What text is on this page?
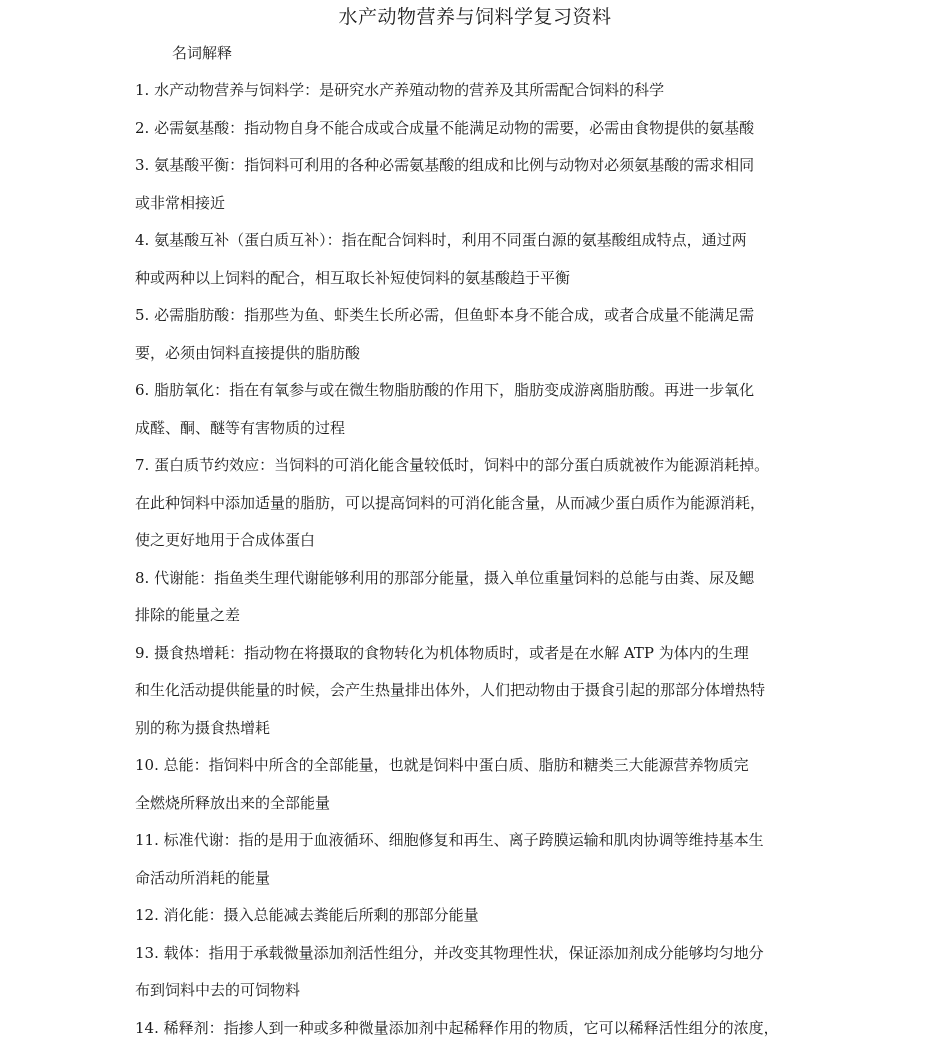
水产动物营养与饲料学复习资料
名词解释
1. 水产动物营养与饲料学：是研究水产养殖动物的营养及其所需配合饲料的科学
2. 必需氨基酸：指动物自身不能合成或合成量不能满足动物的需要，必需由食物提供的氨基酸
3. 氨基酸平衡：指饲料可利用的各种必需氨基酸的组成和比例与动物对必须氨基酸的需求相同
或非常相接近
4. 氨基酸互补（蛋白质互补）：指在配合饲料时，利用不同蛋白源的氨基酸组成特点，通过两
种或两种以上饲料的配合，相互取长补短使饲料的氨基酸趋于平衡
5. 必需脂肪酸：指那些为鱼、虾类生长所必需，但鱼虾本身不能合成，或者合成量不能满足需
要，必须由饲料直接提供的脂肪酸
6. 脂肪氧化：指在有氧参与或在微生物脂肪酸的作用下，脂肪变成游离脂肪酸。再进一步氧化
成醛、酮、醚等有害物质的过程
7. 蛋白质节约效应：当饲料的可消化能含量较低时，饲料中的部分蛋白质就被作为能源消耗掉。
在此种饲料中添加适量的脂肪，可以提高饲料的可消化能含量，从而减少蛋白质作为能源消耗，
使之更好地用于合成体蛋白
8. 代谢能：指鱼类生理代谢能够利用的那部分能量，摄入单位重量饲料的总能与由粪、尿及鳃
排除的能量之差
9. 摄食热增耗：指动物在将摄取的食物转化为机体物质时，或者是在水解 ATP 为体内的生理
和生化活动提供能量的时候，会产生热量排出体外，人们把动物由于摄食引起的那部分体增热特
别的称为摄食热增耗
10. 总能：指饲料中所含的全部能量，也就是饲料中蛋白质、脂肪和糖类三大能源营养物质完
全燃烧所释放出来的全部能量
11. 标准代谢：指的是用于血液循环、细胞修复和再生、离子跨膜运输和肌肉协调等维持基本生
命活动所消耗的能量
12. 消化能：摄入总能减去粪能后所剩的那部分能量
13. 载体：指用于承载微量添加剂活性组分，并改变其物理性状，保证添加剂成分能够均匀地分
布到饲料中去的可饲物料
14. 稀释剂：指掺人到一种或多种微量添加剂中起稀释作用的物质，它可以稀释活性组分的浓度，
